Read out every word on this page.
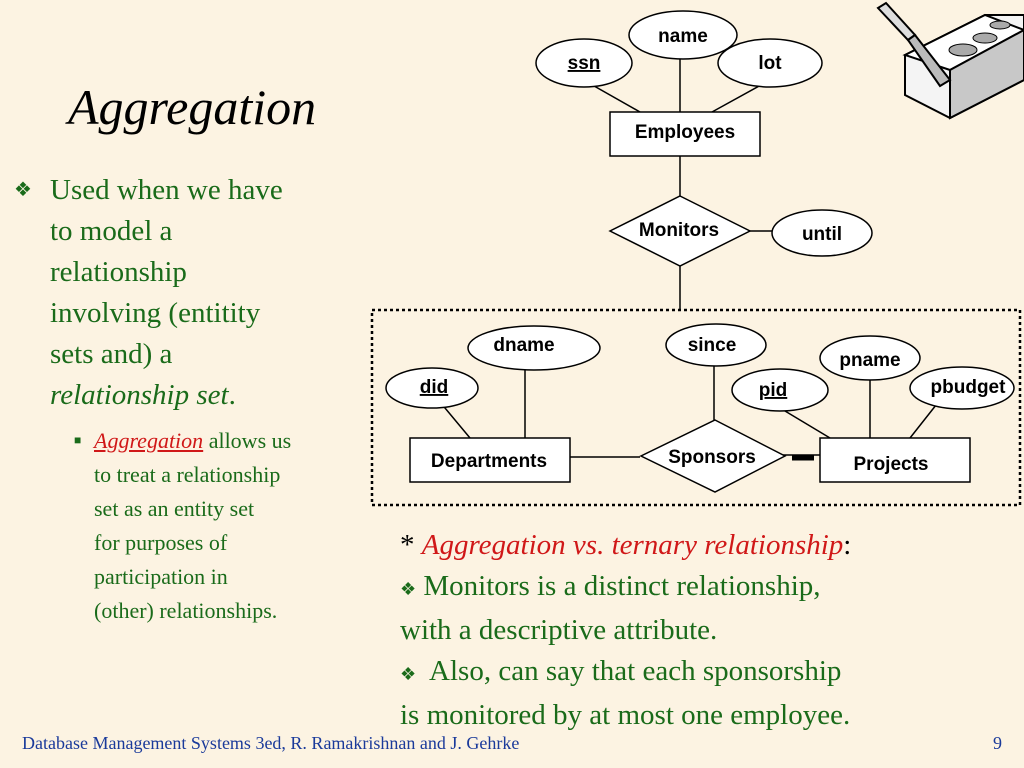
Aggregation
❖ Used when we have
to model a
relationship
involving (entitity
sets and) a
relationship set.
■ Aggregation allows us
to treat a relationship
set as an entity set
for purposes of
participation in
(other) relationships.
name
ssn	lot
Employees
Monitors	until
dname	since
pname
did	pid	pbudget
Departments	Sponsors	Projects
* Aggregation vs. ternary relationship:
❖ Monitors is a distinct relationship,
with a descriptive attribute.
❖ Also, can say that each sponsorship
is monitored by at most one employee.
Database Management Systems 3ed, R. Ramakrishnan and J. Gehrke	9
